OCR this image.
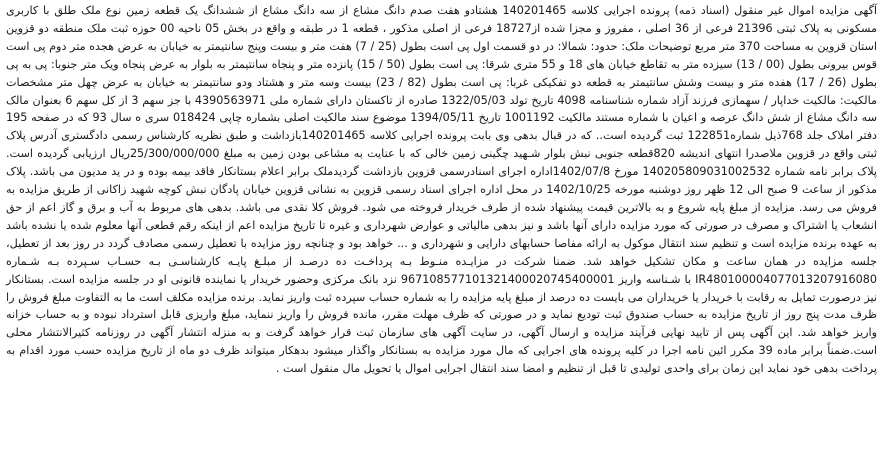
آگهی مزایده اموال غیر منقول (اسناد ذمه) پرونده اجرایی کلاسه 140201465 هشتادو هفت صدم دانگ مشاع از سه دانگ مشاع از ششدانگ یک قطعه زمین نوع ملک طلق با کاربری مسکونی به پلاک ثبتی 21396 فرعی از 36 اصلی ، مفروز و مجزا شده از18727 فرعی از اصلی مذکور ، قطعه 1 در طبقه و واقع در بخش 05 ناحیه 00 حوزه ثبت ملک منطقه دو قزوین استان قزوین به مساحت 370 متر مربع توضیحات ملک: حدود: شمالا: در دو قسمت اول پی است بطول (25 / 7) هفت متر و بیست وپنج سانتیمتر به خیابان به عرض هجده متر دوم پی است قوس بیرونی بطول (00 / 13) سیزده متر به تقاطع خیابان های 18 و 55 متری شرقا: پی است بطول (50 / 15) پانزده متر و پنجاه سانتیمتر به بلوار به عرض پنجاه ویک متر جنوبا: پی به پی بطول (26 / 17) هفده متر و بیست وشش سانتیمتر به قطعه دو تفکیکی غربا: پی است بطول (82 / 23) بیست وسه متر و هشتاد ودو سانتیمتر به خیابان به عرض چهل متر مشخصات مالکیت: مالکیت خداپار / سهمازی فرزند آزاد شماره شناسنامه 4098 تاریخ تولد 1322/05/03 صادره از تاکستان دارای شماره ملی 4390563971 با جز سهم 3 از کل سهم 6 بعنوان مالک سه دانگ مشاع از شش دانگ عرصه و اعیان با شماره مستند مالکیت 1001192 تاریخ 1394/05/11 موضوع سند مالکیت اصلی بشماره چاپی 018424 سری ه سال 93 که در صفحه 195 دفتر املاک جلد 768ذیل شماره122851 ثبت گردیده است.. که در قبال بدهی وی بابت پرونده اجرایی کلاسه 140201465بازداشت و طبق نظریه کارشناس رسمی دادگستری آدرس پلاک ثبتی واقع در قزوین ملاصدرا انتهای اندیشه 820قطعه جنوبی نبش بلوار شـهید چگینی زمین خالی که با عنایت به مشاعی بودن زمین به مبلغ 25/300/000/000ریال ارزیابی گردیده است. پلاک برابر نامه شماره 140205809031002532 مورخ 1402/07/8اداره اجرای اسنادرسمی قزوین بازداشت گردیدملک برابر اعلام بستانکار فاقد بیمه بوده و در ید مدیون می باشد. پلاک مذکور از ساعت 9 صبح الی 12 ظهر روز دوشنبه مورخه 1402/10/25 در محل اداره اجرای اسناد رسمی قزوین به نشانی قزوین خیابان پادگان نبش کوچه شهید زاکانی از طریق مزایده به فروش می رسد. مزایده از مبلغ پایه شروع و به بالاترین قیمت پیشنهاد شده از طرف خریدار فروخته می شود. فروش کلا نقدی می باشد. بدهی های مربوط به آب و برق و گاز اعم از حق انشعاب یا اشتراک و مصرف در صورتی که مورد مزایده دارای آنها باشد و نیز بدهی مالیاتی و عوارض شهرداری و غیره تا تاریخ مزایده اعم از اینکه رقم قطعی آنها معلوم شده یا نشده باشد به عهده برنده مزایده است و تنظیم سند انتقال موکول به ارائه مفاصا حسابهای دارایی و شهرداری و ... خواهد بود و چنانچه روز مزایده با تعطیل رسمی مصادف گردد در روز بعد از تعطیل، جلسه مزایده در همان ساعت و مکان تشکیل خواهد شد. ضمنا شرکت در مزایـده منـوط بـه پرداخـت ده درصـد از مبلـغ پایـه کارشناسـی بـه حسـاب سـپرده بـه شـماره IR480100004077013207916080 با شـناسه واریز 967108577101321400020745400001 نزد بانک مرکزی وحضور خریدار یا نماینده قانونی او در جلسه مزایده است. بستانکار نیز درصورت تمایل به رقابت با خریدار یا خریداران می بایست ده درصد از مبلغ پایه مزایده را به شماره حساب سپرده ثبت واریز نماید. برنده مزایده مکلف است ما به التفاوت مبلغ فروش را ظرف مدت پنج روز از تاریخ مزایده به حساب صندوق ثبت تودیع نماید و در صورتی که ظرف مهلت مقرر، مانده فروش را واریز ننماید، مبلغ واریزی قابل استرداد نبوده و به حساب خزانه واریز خواهد شد. این آگهی پس از تایید نهایی فرآیند مزایده و ارسال آگهی، در سایت آگهی های سازمان ثبت قرار خواهد گرفت و به منزله انتشار آگهی در روزنامه کثیرالانتشار محلی است.ضمناً برابر ماده 39 مکرر ائین نامه اجرا در کلیه پرونده های اجرایی که مال مورد مزایده به بستانکار واگذار میشود بدهکار میتواند ظرف دو ماه از تاریخ مزایده حسب مورد اقدام به پرداخت بدهی خود نماید این زمان برای واحدی تولیدی تا قبل از تنظیم و امضا سند انتقال اجرایی اموال یا تحویل مال منقول است .
